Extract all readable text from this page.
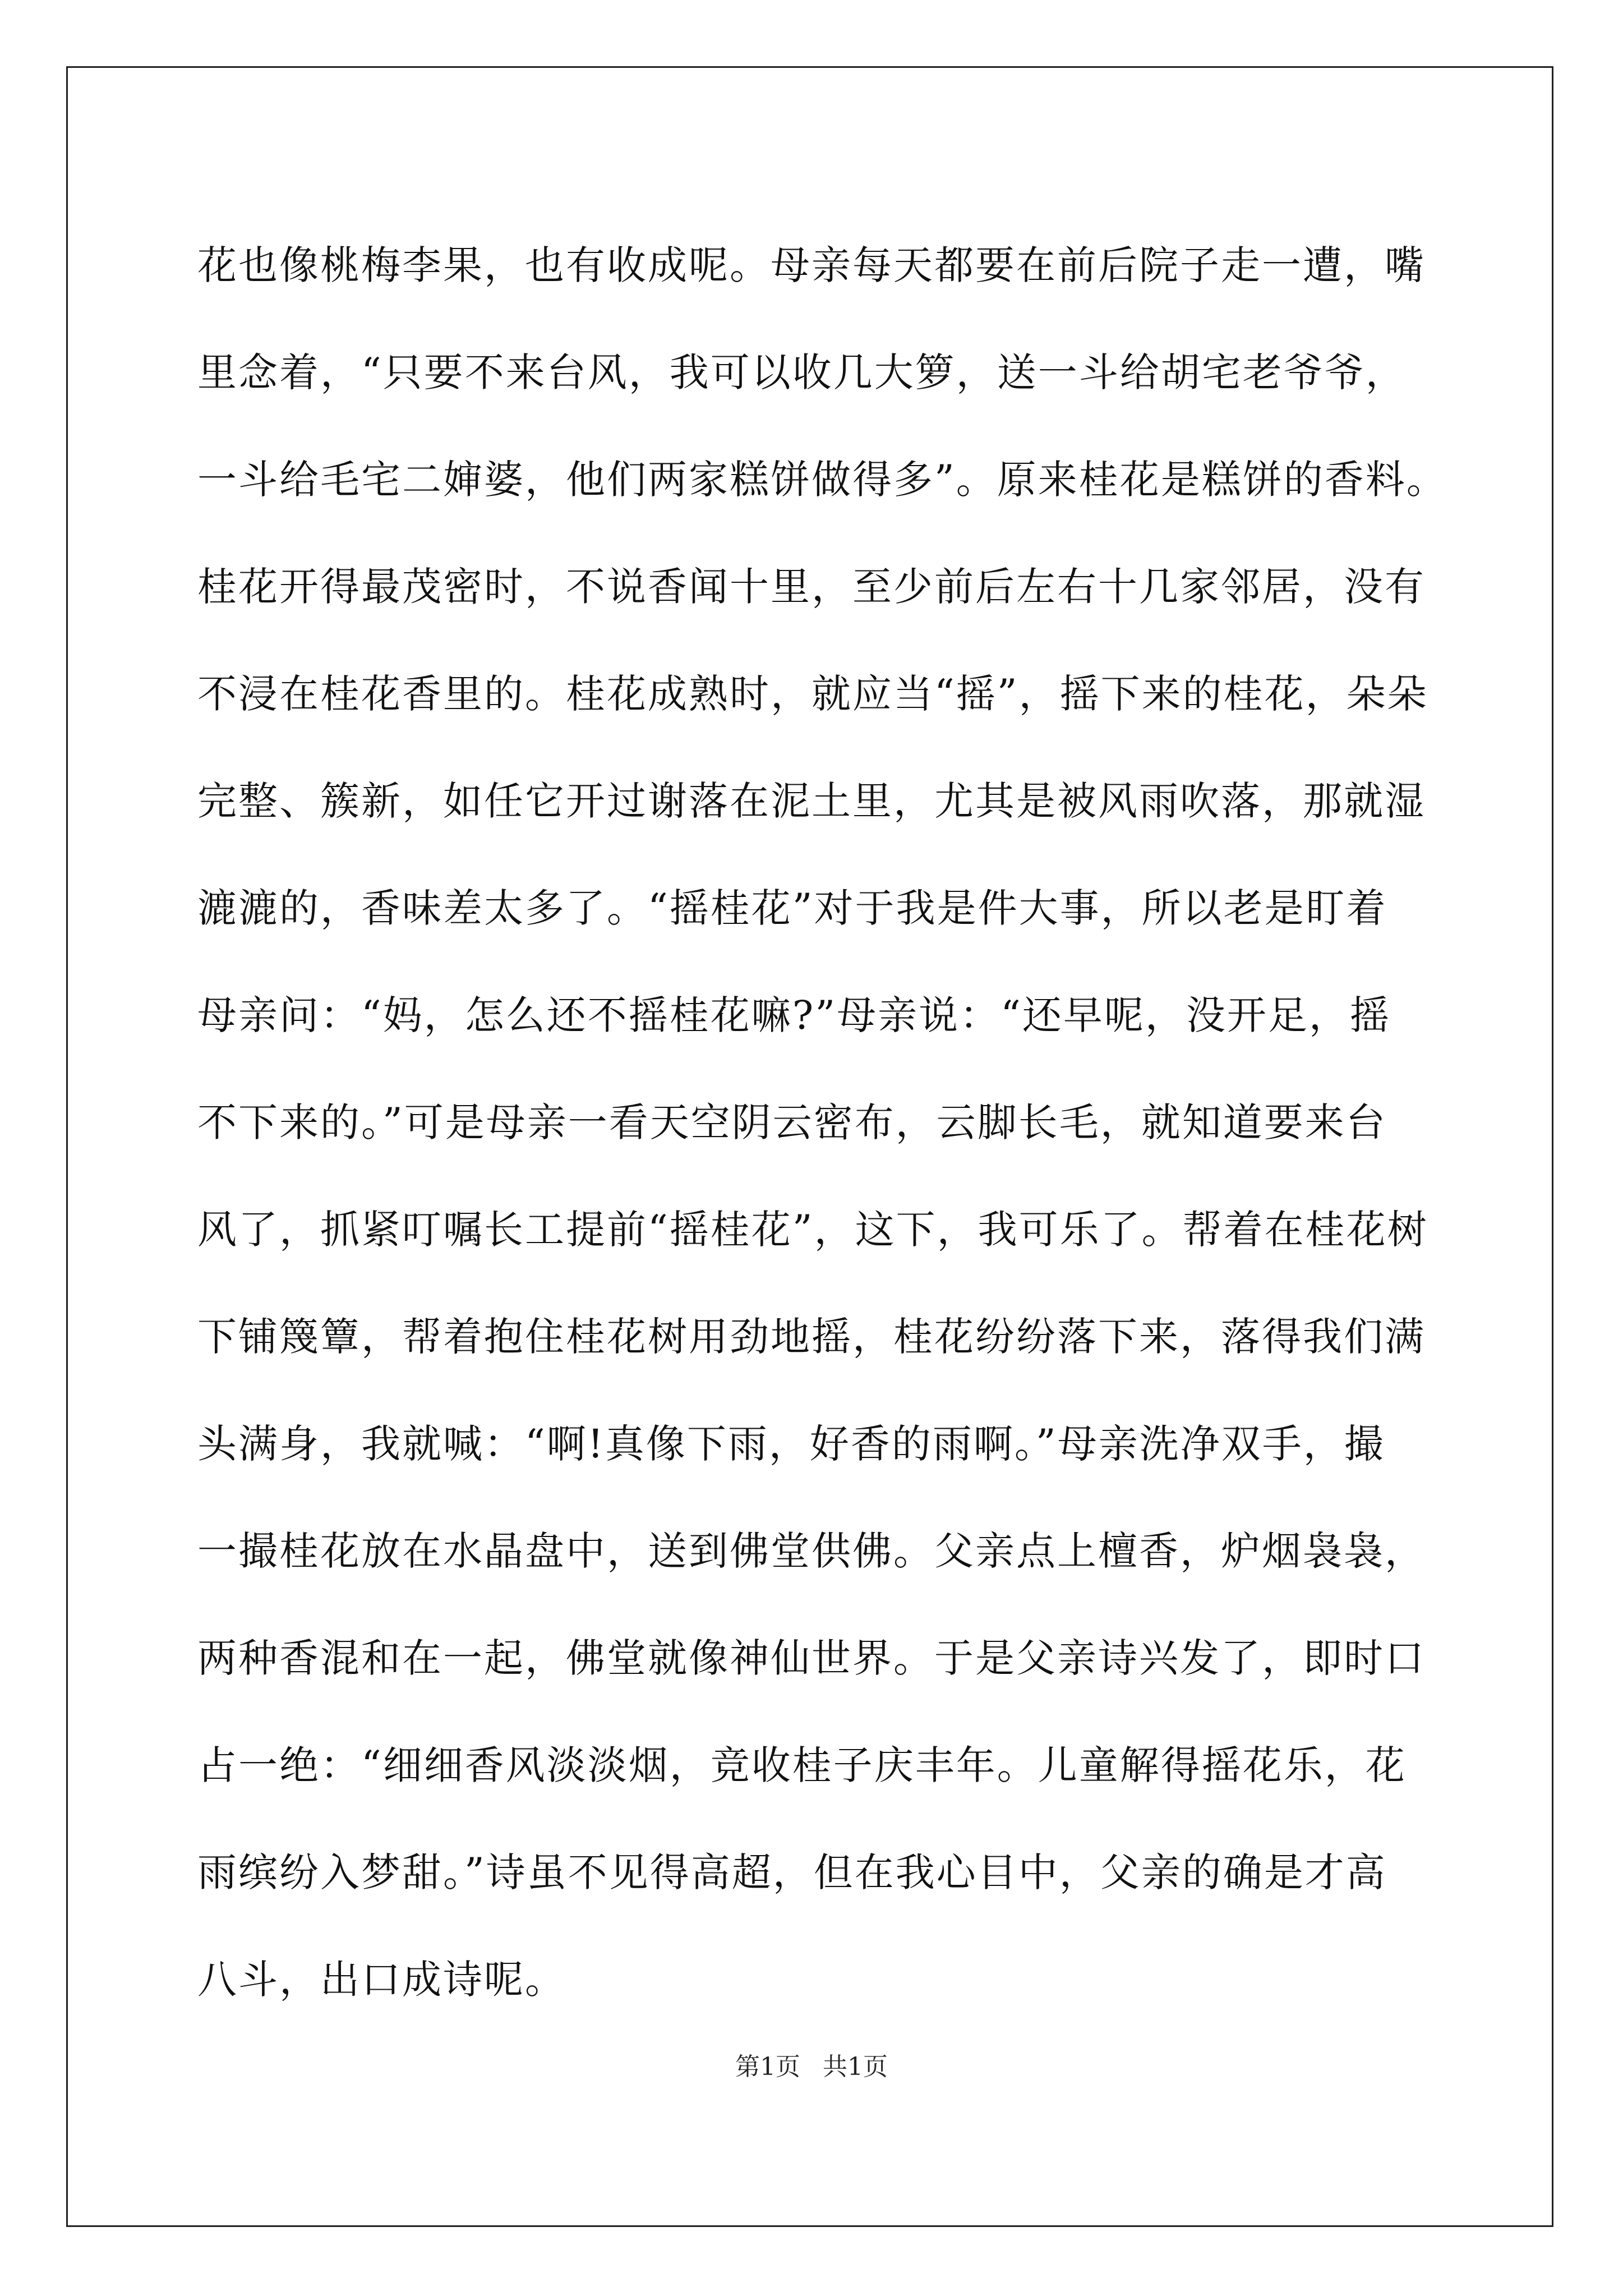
花也像桃梅李果，也有收成呢。母亲每天都要在前后院子走一遭，嘴
里念着，“只要不来台风，我可以收几大箩，送一斗给胡宅老爷爷，
一斗给毛宅二婶婆，他们两家糕饼做得多”。原来桂花是糕饼的香料。
桂花开得最茂密时，不说香闻十里，至少前后左右十几家邻居，没有
不浸在桂花香里的。桂花成熟时，就应当“摇”，摇下来的桂花，朵朵
完整、簇新，如任它开过谢落在泥土里，尤其是被风雨吹落，那就湿
漉漉的，香味差太多了。“摇桂花”对于我是件大事，所以老是盯着
母亲问：“妈，怎么还不摇桂花嘛?”母亲说：“还早呢，没开足，摇
不下来的。”可是母亲一看天空阴云密布，云脚长毛，就知道要来台
风了，抓紧叮嘱长工提前“摇桂花”，这下，我可乐了。帮着在桂花树
下铺篾簟，帮着抱住桂花树用劲地摇，桂花纷纷落下来，落得我们满
头满身，我就喊：“啊!真像下雨，好香的雨啊。”母亲洗净双手，撮
一撮桂花放在水晶盘中，送到佛堂供佛。父亲点上檀香，炉烟袅袅，
两种香混和在一起，佛堂就像神仙世界。于是父亲诗兴发了，即时口
占一绝：“细细香风淡淡烟，竞收桂子庆丰年。儿童解得摇花乐，花
雨缤纷入梦甜。”诗虽不见得高超，但在我心目中，父亲的确是才高
八斗，出口成诗呢。
第1页 共1页
